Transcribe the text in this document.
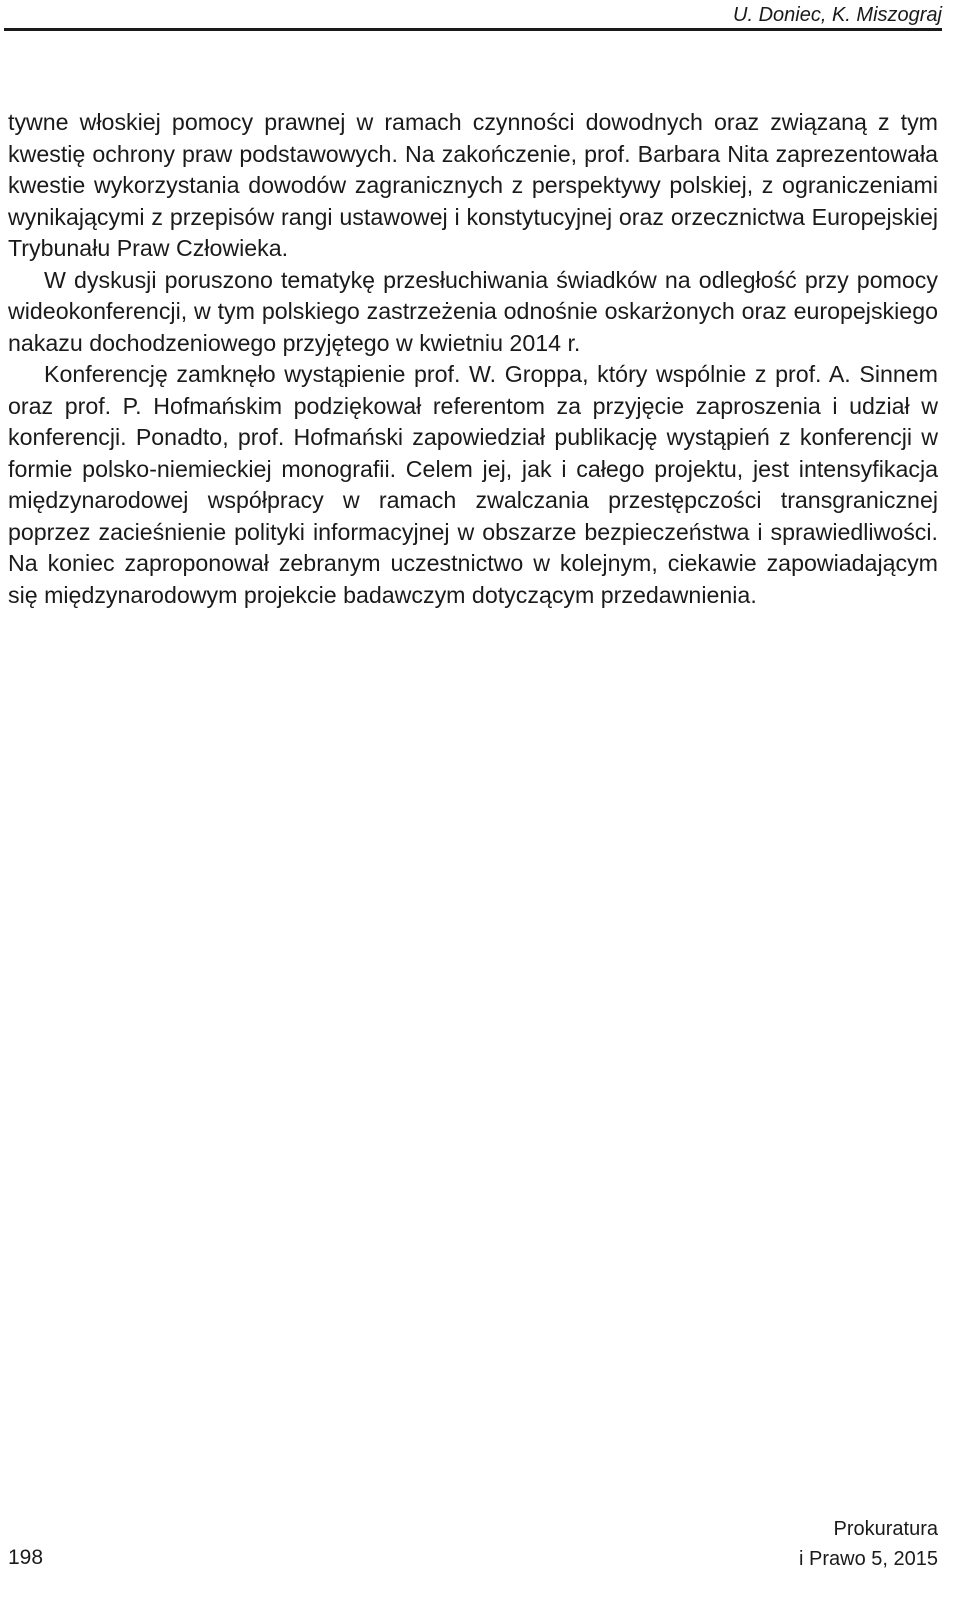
U. Doniec, K. Miszograj

tywne włoskiej pomocy prawnej w ramach czynności dowodnych oraz związaną z tym kwestię ochrony praw podstawowych. Na zakończenie, prof. Barbara Nita zaprezentowała kwestie wykorzystania dowodów zagranicznych z perspektywy polskiej, z ograniczeniami wynikającymi z przepisów rangi ustawowej i konstytucyjnej oraz orzecznictwa Europejskiej Trybunału Praw Człowieka.

W dyskusji poruszono tematykę przesłuchiwania świadków na odległość przy pomocy wideokonferencji, w tym polskiego zastrzeżenia odnośnie oskarżonych oraz europejskiego nakazu dochodzeniowego przyjętego w kwietniu 2014 r.

Konferencję zamknęło wystąpienie prof. W. Groppa, który wspólnie z prof. A. Sinnem oraz prof. P. Hofmańskim podziękował referentom za przyjęcie zaproszenia i udział w konferencji. Ponadto, prof. Hofmański zapowiedział publikację wystąpień z konferencji w formie polsko-niemieckiej monografii. Celem jej, jak i całego projektu, jest intensyfikacja międzynarodowej współpracy w ramach zwalczania przestępczości transgranicznej poprzez zacieśnienie polityki informacyjnej w obszarze bezpieczeństwa i sprawiedliwości. Na koniec zaproponował zebranym uczestnictwo w kolejnym, ciekawie zapowiadającym się międzynarodowym projekcie badawczym dotyczącym przedawnienia.

198
Prokuratura
i Prawo 5, 2015
